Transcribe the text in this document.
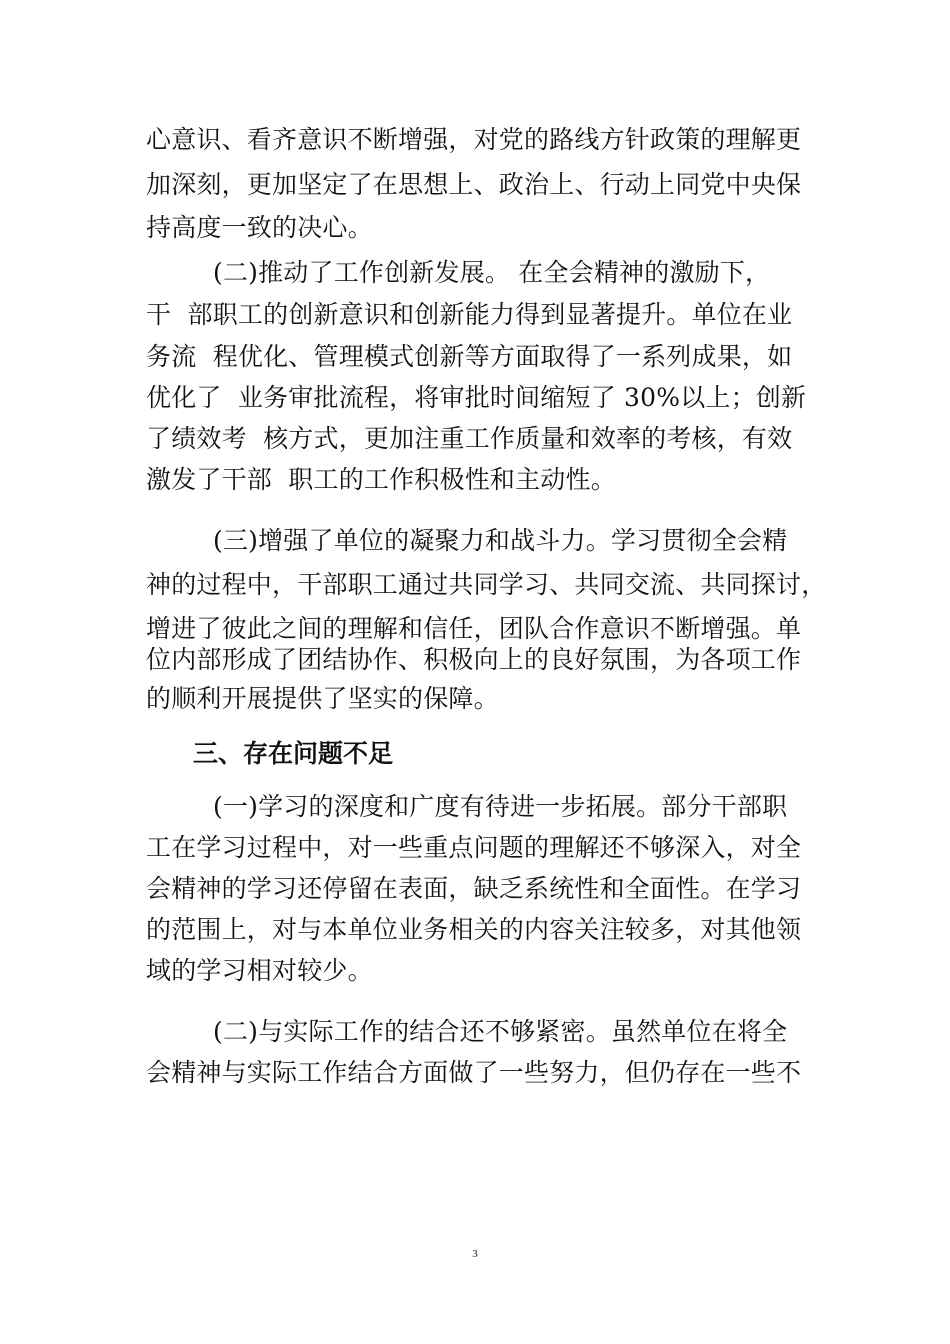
心意识、看齐意识不断增强，对党的路线方针政策的理解更
加深刻，更加坚定了在思想上、政治上、行动上同党中央保
持高度一致的决心。
(二)推动了工作创新发展。 在全会精神的激励下，
干  部职工的创新意识和创新能力得到显著提升。单位在业
务流  程优化、管理模式创新等方面取得了一系列成果，如
优化了  业务审批流程，将审批时间缩短了 30%以上；创新
了绩效考  核方式，更加注重工作质量和效率的考核，有效
激发了干部  职工的工作积极性和主动性。
(三)增强了单位的凝聚力和战斗力。学习贯彻全会精
神的过程中，干部职工通过共同学习、共同交流、共同探讨，
增进了彼此之间的理解和信任，团队合作意识不断增强。单
位内部形成了团结协作、积极向上的良好氛围，为各项工作
的顺利开展提供了坚实的保障。
三、存在问题不足
(一)学习的深度和广度有待进一步拓展。部分干部职
工在学习过程中，对一些重点问题的理解还不够深入，对全
会精神的学习还停留在表面，缺乏系统性和全面性。在学习
的范围上，对与本单位业务相关的内容关注较多，对其他领
域的学习相对较少。
(二)与实际工作的结合还不够紧密。虽然单位在将全
会精神与实际工作结合方面做了一些努力，但仍存在一些不
3
